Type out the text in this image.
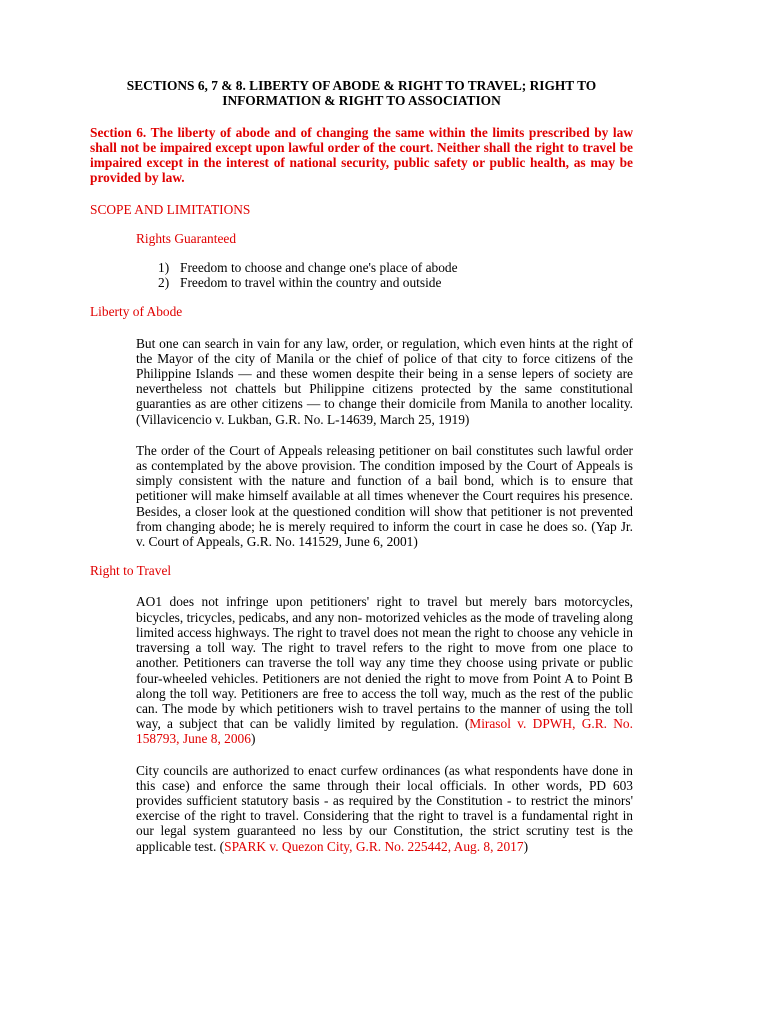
SECTIONS 6, 7 & 8. LIBERTY OF ABODE & RIGHT TO TRAVEL; RIGHT TO
INFORMATION & RIGHT TO ASSOCIATION
Section 6. The liberty of abode and of changing the same within the limits prescribed by law shall not be impaired except upon lawful order of the court. Neither shall the right to travel be impaired except in the interest of national security, public safety or public health, as may be provided by law.
SCOPE AND LIMITATIONS
Rights Guaranteed
1) Freedom to choose and change one's place of abode
2) Freedom to travel within the country and outside
Liberty of Abode
But one can search in vain for any law, order, or regulation, which even hints at the right of the Mayor of the city of Manila or the chief of police of that city to force citizens of the Philippine Islands — and these women despite their being in a sense lepers of society are nevertheless not chattels but Philippine citizens protected by the same constitutional guaranties as are other citizens — to change their domicile from Manila to another locality. (Villavicencio v. Lukban, G.R. No. L-14639, March 25, 1919)
The order of the Court of Appeals releasing petitioner on bail constitutes such lawful order as contemplated by the above provision. The condition imposed by the Court of Appeals is simply consistent with the nature and function of a bail bond, which is to ensure that petitioner will make himself available at all times whenever the Court requires his presence. Besides, a closer look at the questioned condition will show that petitioner is not prevented from changing abode; he is merely required to inform the court in case he does so. (Yap Jr. v. Court of Appeals, G.R. No. 141529, June 6, 2001)
Right to Travel
AO1 does not infringe upon petitioners' right to travel but merely bars motorcycles, bicycles, tricycles, pedicabs, and any non- motorized vehicles as the mode of traveling along limited access highways. The right to travel does not mean the right to choose any vehicle in traversing a toll way. The right to travel refers to the right to move from one place to another. Petitioners can traverse the toll way any time they choose using private or public four-wheeled vehicles. Petitioners are not denied the right to move from Point A to Point B along the toll way. Petitioners are free to access the toll way, much as the rest of the public can. The mode by which petitioners wish to travel pertains to the manner of using the toll way, a subject that can be validly limited by regulation. (Mirasol v. DPWH, G.R. No. 158793, June 8, 2006)
City councils are authorized to enact curfew ordinances (as what respondents have done in this case) and enforce the same through their local officials. In other words, PD 603 provides sufficient statutory basis - as required by the Constitution - to restrict the minors' exercise of the right to travel. Considering that the right to travel is a fundamental right in our legal system guaranteed no less by our Constitution, the strict scrutiny test is the applicable test. (SPARK v. Quezon City, G.R. No. 225442, Aug. 8, 2017)
